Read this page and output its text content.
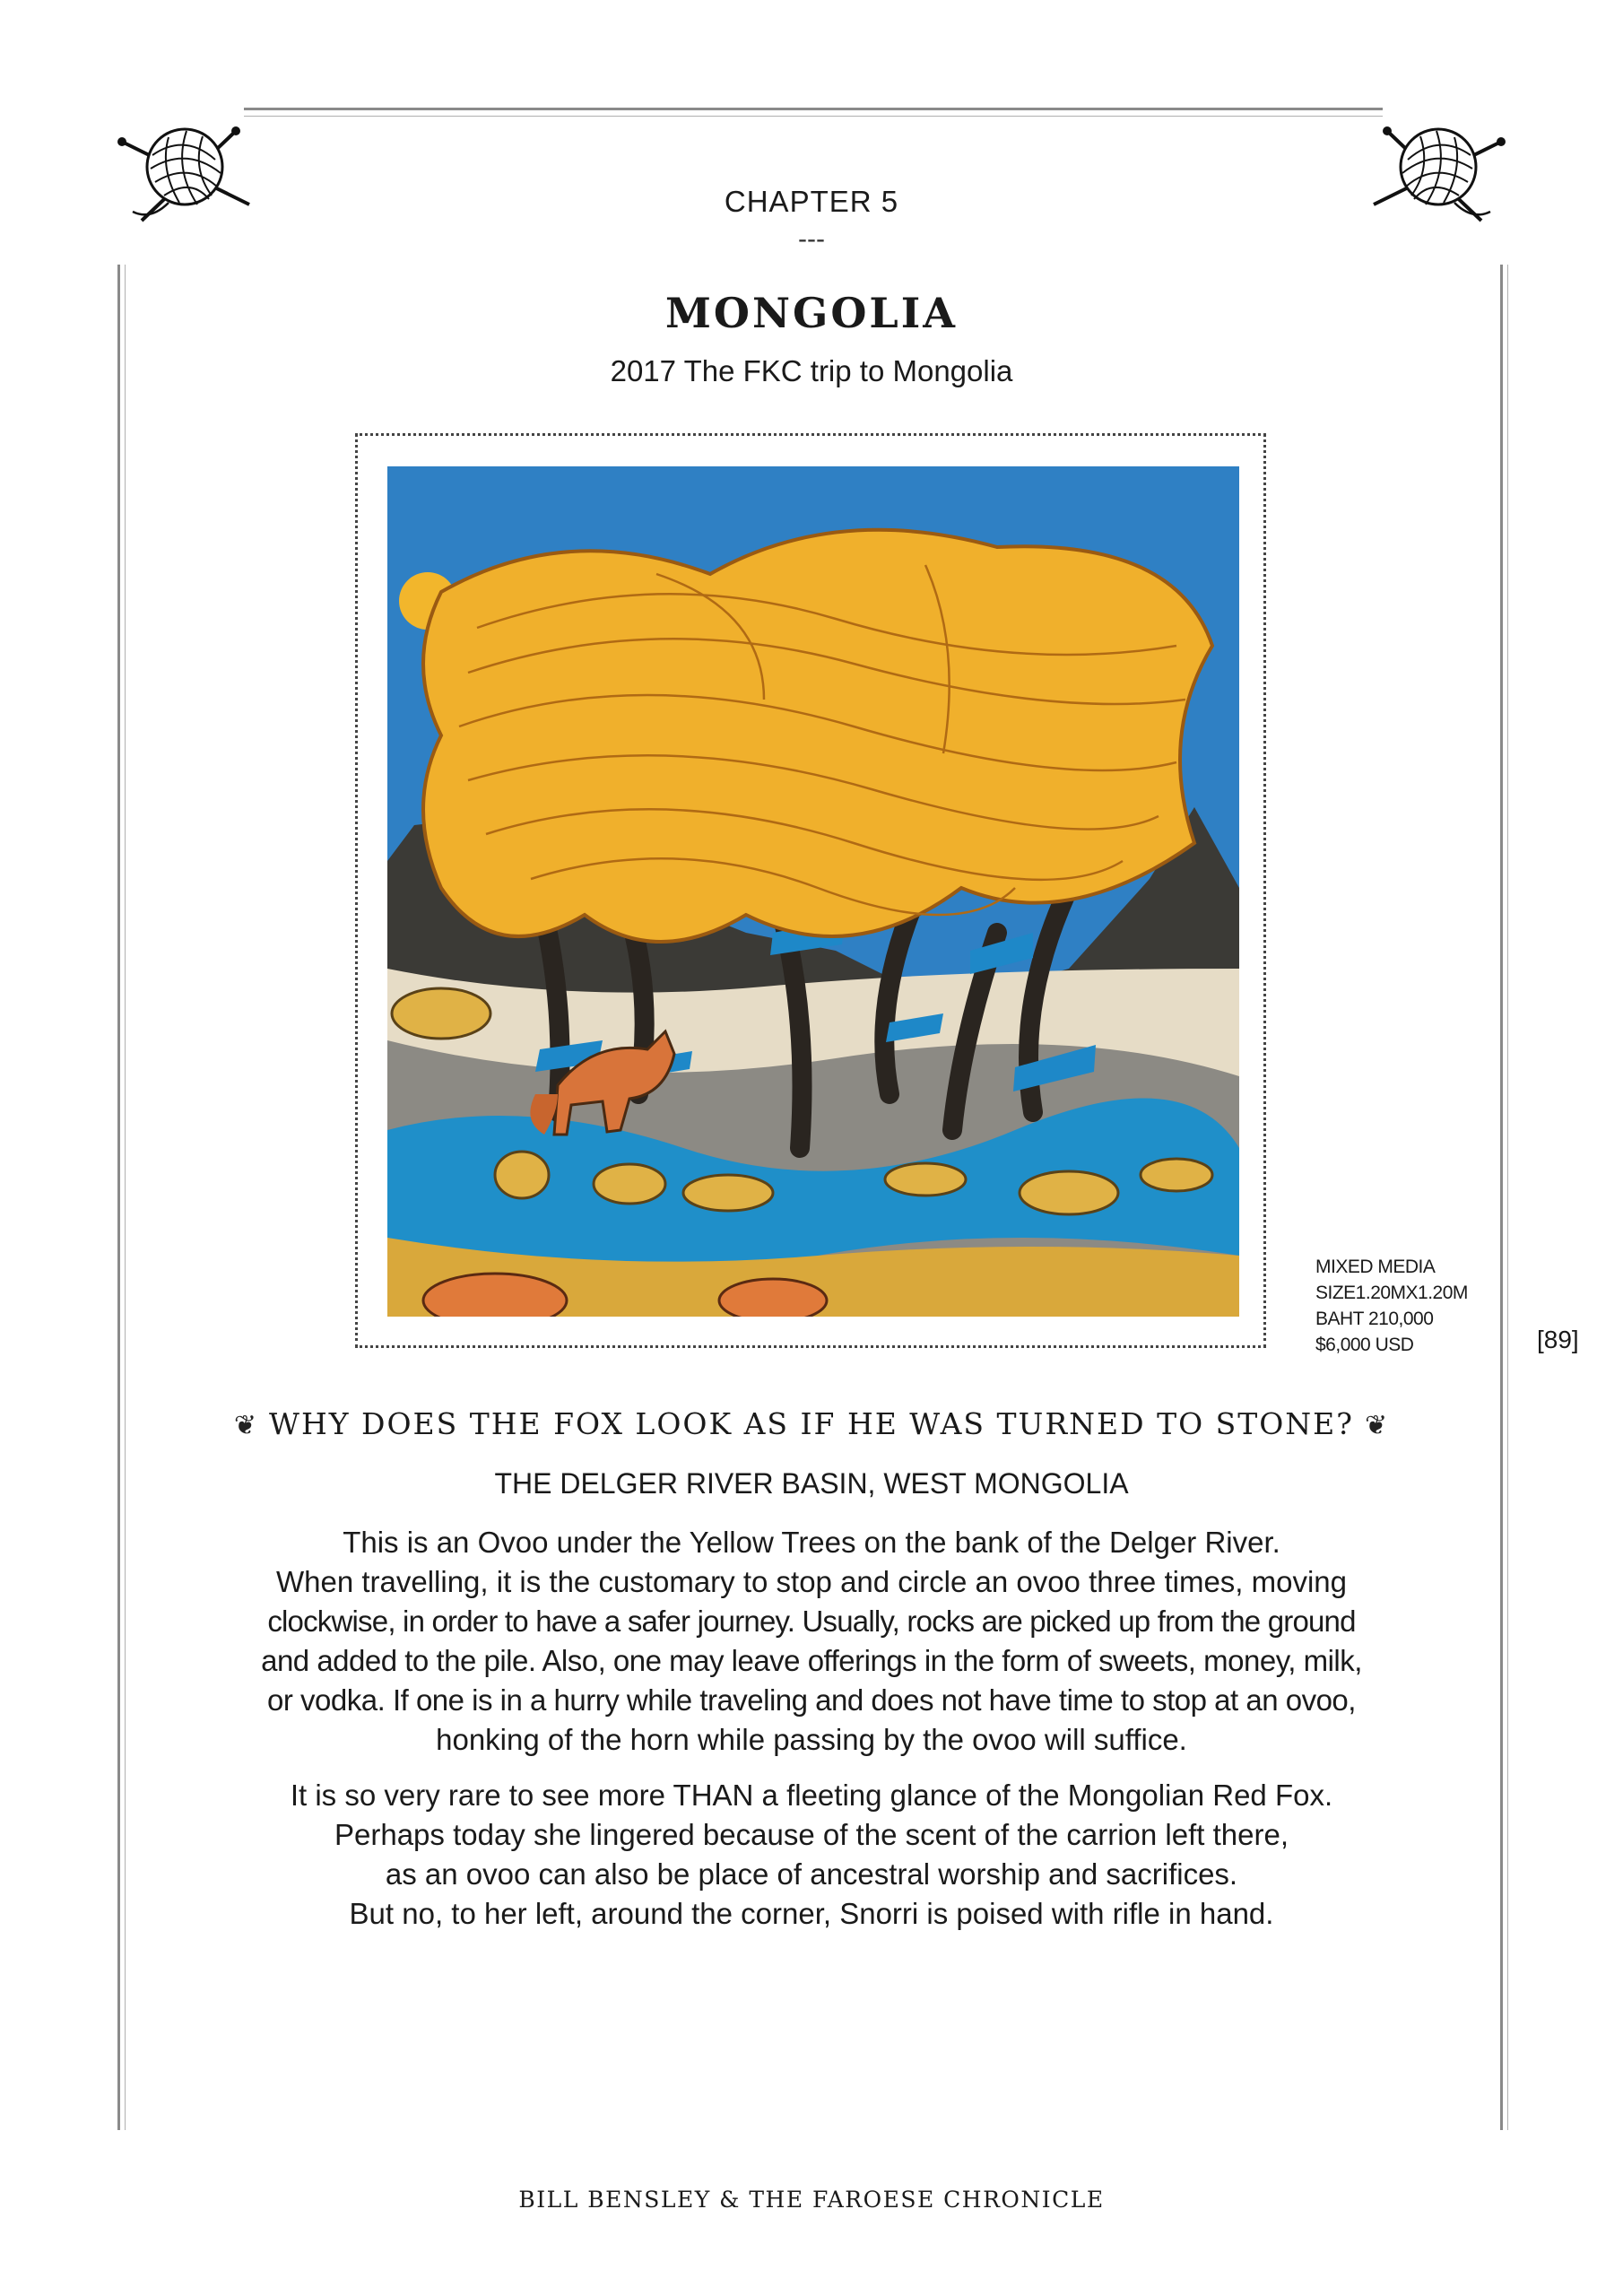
CHAPTER 5
---
MONGOLIA
2017 The FKC trip to Mongolia
MIXED MEDIA
SIZE1.20MX1.20M
BAHT 210,000
$6,000 USD	[89]
❦ WHY DOES THE FOX LOOK AS IF HE WAS TURNED TO STONE? ❦
THE DELGER RIVER BASIN, WEST MONGOLIA
This is an Ovoo under the Yellow Trees on the bank of the Delger River.
When travelling, it is the customary to stop and circle an ovoo three times, moving
clockwise, in order to have a safer journey. Usually, rocks are picked up from the ground
and added to the pile. Also, one may leave offerings in the form of sweets, money, milk,
or vodka. If one is in a hurry while traveling and does not have time to stop at an ovoo,
honking of the horn while passing by the ovoo will suffice.
It is so very rare to see more THAN a fleeting glance of the Mongolian Red Fox.
Perhaps today she lingered because of the scent of the carrion left there,
as an ovoo can also be place of ancestral worship and sacrifices.
But no, to her left, around the corner, Snorri is poised with rifle in hand.
BILL BENSLEY & THE FAROESE CHRONICLE
